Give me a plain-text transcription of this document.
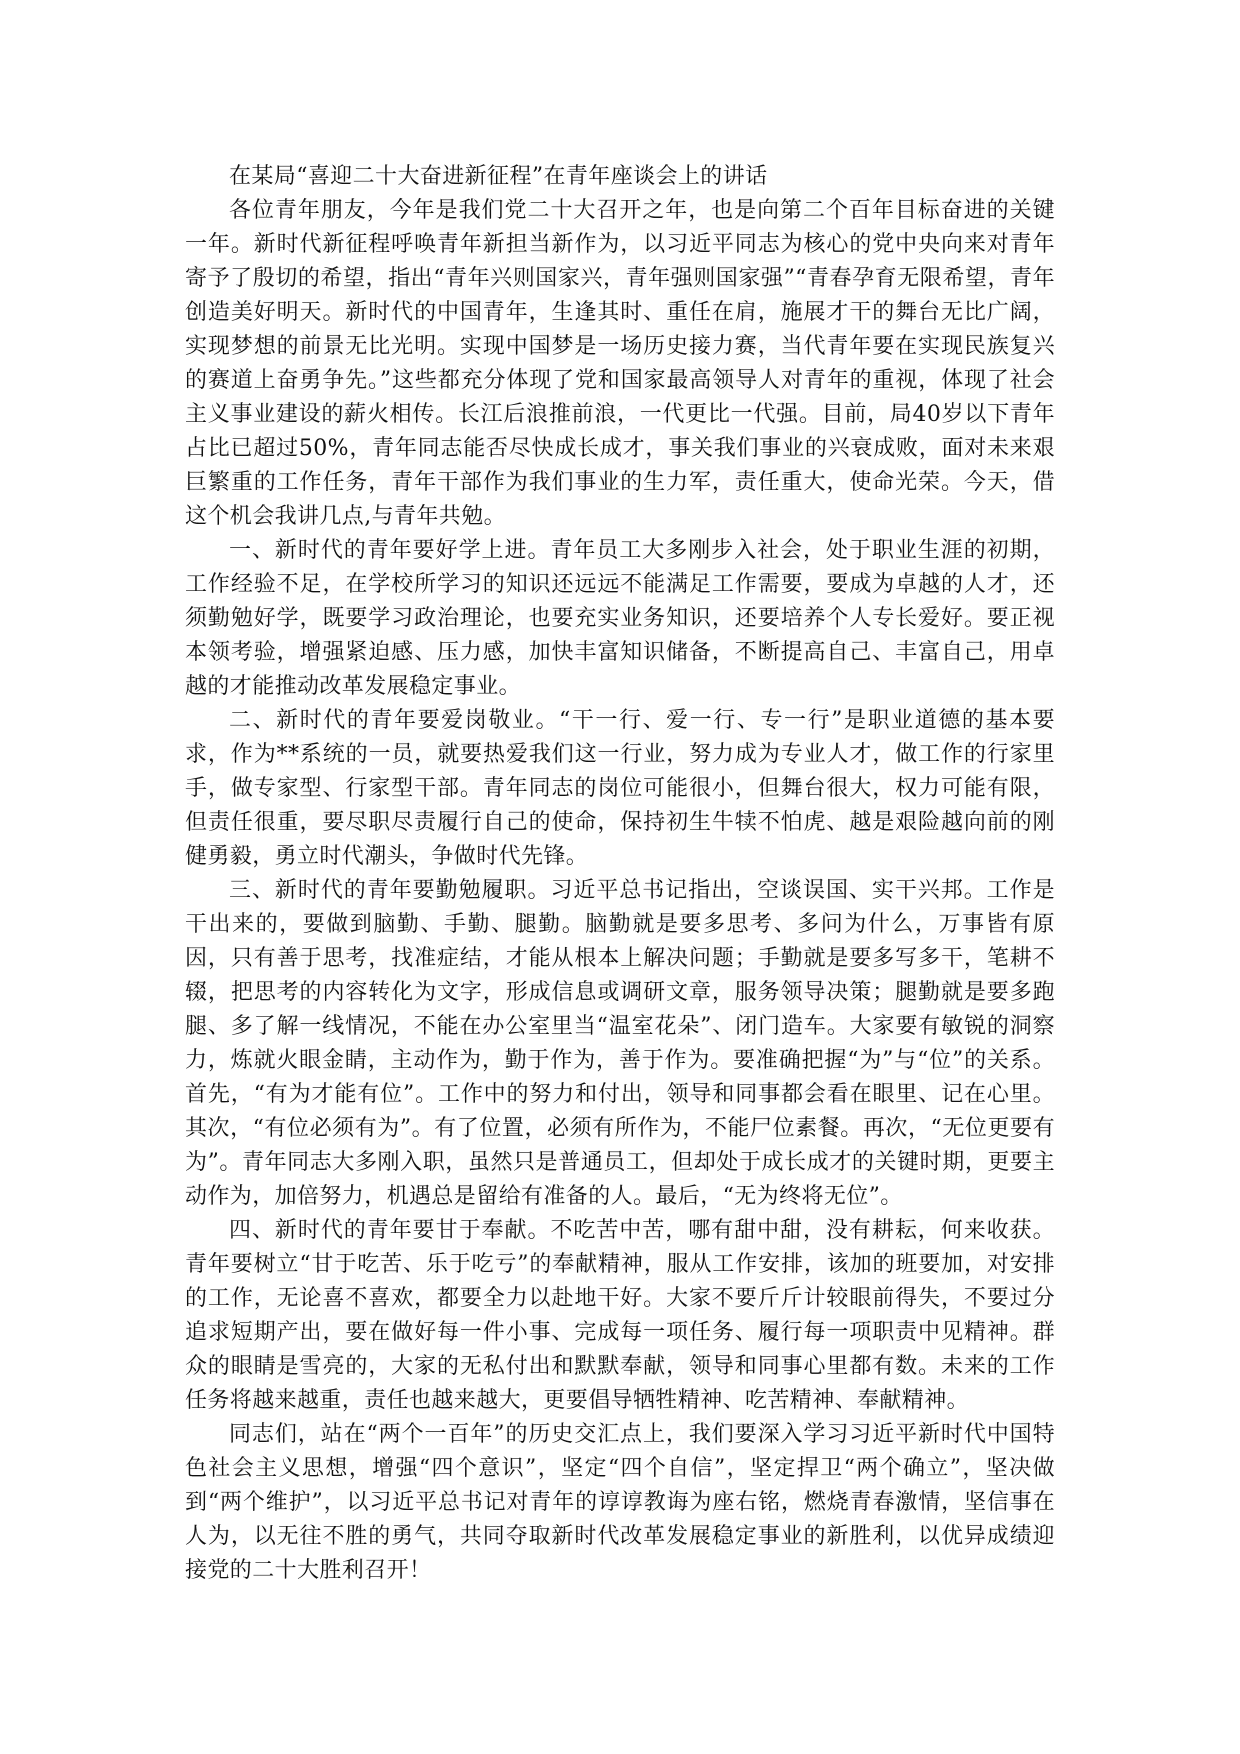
在某局“喜迎二十大奋进新征程”在青年座谈会上的讲话

各位青年朋友，今年是我们党二十大召开之年，也是向第二个百年目标奋进的关键一年。新时代新征程呼唤青年新担当新作为，以习近平同志为核心的党中央向来对青年寄予了殷切的希望，指出“青年兴则国家兴，青年强则国家强”“青春孕育无限希望，青年创造美好明天。新时代的中国青年，生逢其时、重任在肩，施展才干的舞台无比广阔，实现梦想的前景无比光明。实现中国梦是一场历史接力赛，当代青年要在实现民族复兴的赛道上奋勇争先。”这些都充分体现了党和国家最高领导人对青年的重视，体现了社会主义事业建设的薪火相传。长江后浪推前浪，一代更比一代强。目前，局40岁以下青年占比已超过50%，青年同志能否尽快成长成才，事关我们事业的兴衰成败，面对未来艰巨繁重的工作任务，青年干部作为我们事业的生力军，责任重大，使命光荣。今天，借这个机会我讲几点,与青年共勉。

一、新时代的青年要好学上进。青年员工大多刚步入社会，处于职业生涯的初期，工作经验不足，在学校所学习的知识还远远不能满足工作需要，要成为卓越的人才，还须勤勉好学，既要学习政治理论，也要充实业务知识，还要培养个人专长爱好。要正视本领考验，增强紧迫感、压力感，加快丰富知识储备，不断提高自己、丰富自己，用卓越的才能推动改革发展稳定事业。

二、新时代的青年要爱岗敬业。“干一行、爱一行、专一行”是职业道德的基本要求，作为**系统的一员，就要热爱我们这一行业，努力成为专业人才，做工作的行家里手，做专家型、行家型干部。青年同志的岗位可能很小，但舞台很大，权力可能有限，但责任很重，要尽职尽责履行自己的使命，保持初生牛犊不怕虎、越是艰险越向前的刚健勇毅，勇立时代潮头，争做时代先锋。

三、新时代的青年要勤勉履职。习近平总书记指出，空谈误国、实干兴邦。工作是干出来的，要做到脑勤、手勤、腿勤。脑勤就是要多思考、多问为什么，万事皆有原因，只有善于思考，找准症结，才能从根本上解决问题；手勤就是要多写多干，笔耕不辍，把思考的内容转化为文字，形成信息或调研文章，服务领导决策；腿勤就是要多跑腿、多了解一线情况，不能在办公室里当“温室花朵”、闭门造车。大家要有敏锐的洞察力，炼就火眼金睛，主动作为，勤于作为，善于作为。要准确把握“为”与“位”的关系。首先，“有为才能有位”。工作中的努力和付出，领导和同事都会看在眼里、记在心里。其次，“有位必须有为”。有了位置，必须有所作为，不能尸位素餐。再次，“无位更要有为”。青年同志大多刚入职，虽然只是普通员工，但却处于成长成才的关键时期，更要主动作为，加倍努力，机遇总是留给有准备的人。最后，“无为终将无位”。

四、新时代的青年要甘于奉献。不吃苦中苦，哪有甜中甜，没有耕耘，何来收获。青年要树立“甘于吃苦、乐于吃亏”的奉献精神，服从工作安排，该加的班要加，对安排的工作，无论喜不喜欢，都要全力以赴地干好。大家不要斤斤计较眼前得失，不要过分追求短期产出，要在做好每一件小事、完成每一项任务、履行每一项职责中见精神。群众的眼睛是雪亮的，大家的无私付出和默默奉献，领导和同事心里都有数。未来的工作任务将越来越重，责任也越来越大，更要倡导牺牲精神、吃苦精神、奉献精神。

同志们，站在“两个一百年”的历史交汇点上，我们要深入学习习近平新时代中国特色社会主义思想，增强“四个意识”，坚定“四个自信”，坚定捍卫“两个确立”，坚决做到“两个维护”，以习近平总书记对青年的谆谆教诲为座右铭，燃烧青春激情，坚信事在人为，以无往不胜的勇气，共同夺取新时代改革发展稳定事业的新胜利，以优异成绩迎接党的二十大胜利召开！
